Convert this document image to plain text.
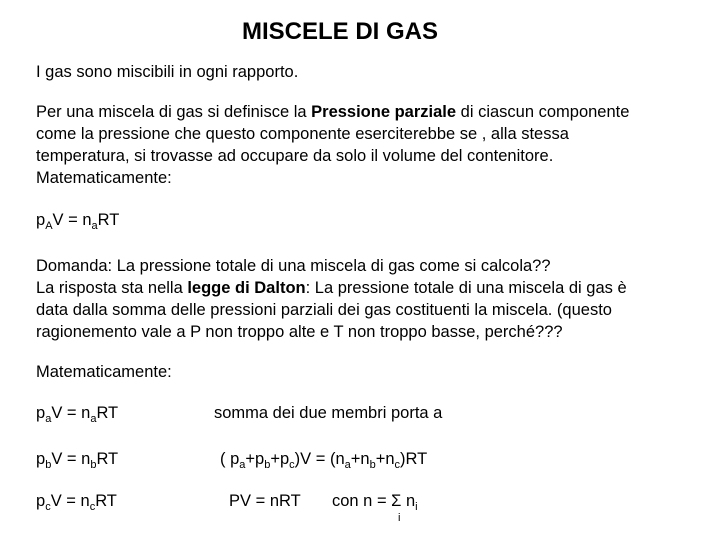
MISCELE DI GAS
I gas sono miscibili in ogni rapporto.
Per una miscela di gas si definisce la Pressione parziale di ciascun componente
come la pressione che questo componente eserciterebbe se , alla stessa
temperatura, si trovasse ad occupare da solo il volume del contenitore.
Matematicamente:
$p_AV = n_aRT$
Domanda: La pressione totale di una miscela di gas come si calcola??
La risposta sta nella legge di Dalton: La pressione totale di una miscela di gas è
data dalla somma delle pressioni parziali dei gas costituenti la miscela. (questo
ragionemento vale a P non troppo alte e T non troppo basse, perché???
Matematicamente:
$p_aV = n_aRT$
$p_bV = n_bRT$
$p_cV = n_cRT$
somma dei due membri porta a
( $p_a+p_b+p_c)V = (n_a+n_b+n_c)RT$
PV = nRT con n = Σ $n_i$
i
